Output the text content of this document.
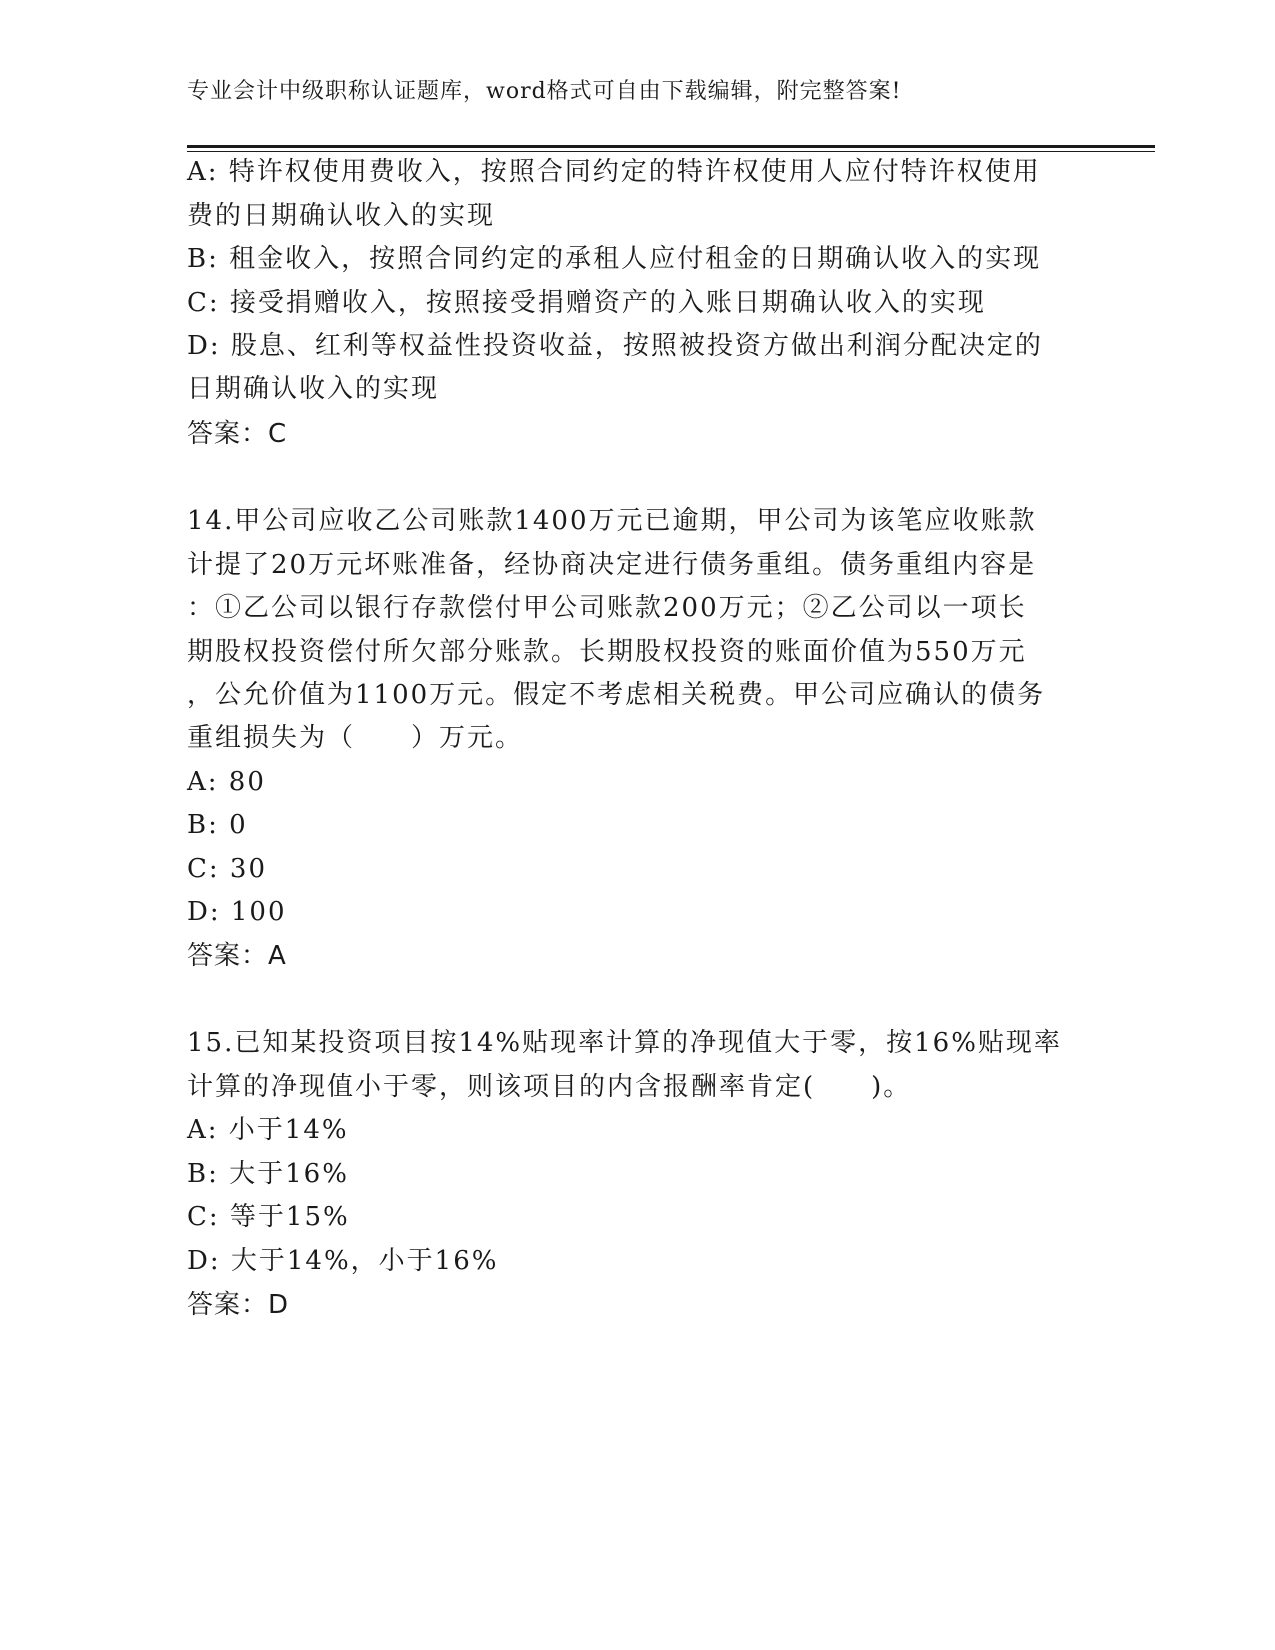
专业会计中级职称认证题库，word格式可自由下载编辑，附完整答案!
A: 特许权使用费收入，按照合同约定的特许权使用人应付特许权使用
费的日期确认收入的实现
B: 租金收入，按照合同约定的承租人应付租金的日期确认收入的实现
C: 接受捐赠收入，按照接受捐赠资产的入账日期确认收入的实现
D: 股息、红利等权益性投资收益，按照被投资方做出利润分配决定的
日期确认收入的实现
答案：C
14.甲公司应收乙公司账款1400万元已逾期，甲公司为该笔应收账款
计提了20万元坏账准备，经协商决定进行债务重组。债务重组内容是
：①乙公司以银行存款偿付甲公司账款200万元；②乙公司以一项长
期股权投资偿付所欠部分账款。长期股权投资的账面价值为550万元
，公允价值为1100万元。假定不考虑相关税费。甲公司应确认的债务
重组损失为（　　）万元。
A: 80
B: 0
C: 30
D: 100
答案：A
15.已知某投资项目按14%贴现率计算的净现值大于零，按16%贴现率
计算的净现值小于零，则该项目的内含报酬率肯定(　　)。
A: 小于14%
B: 大于16%
C: 等于15%
D: 大于14%，小于16%
答案：D
